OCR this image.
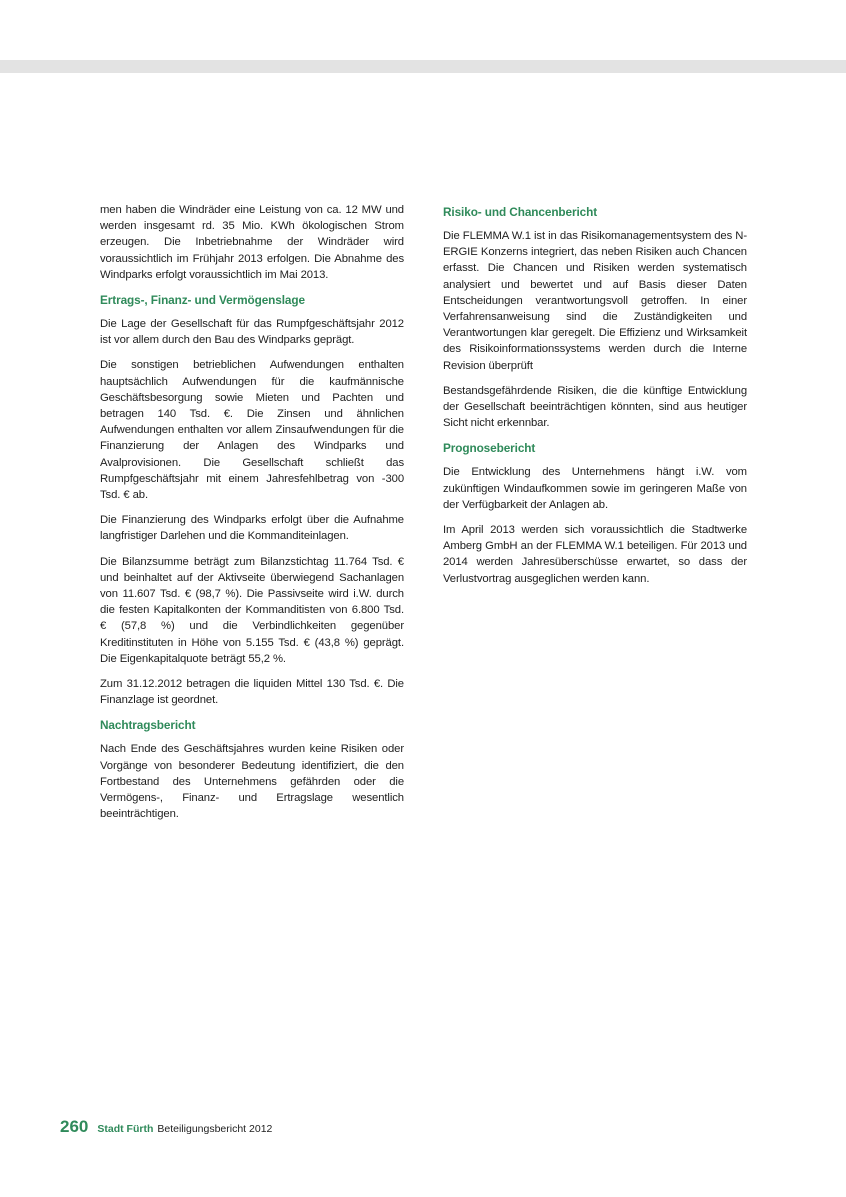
men haben die Windräder eine Leistung von ca. 12 MW und werden insgesamt rd. 35 Mio. KWh ökologischen Strom erzeugen. Die Inbetriebnahme der Windräder wird voraussichtlich im Frühjahr 2013 erfolgen. Die Abnahme des Windparks erfolgt voraussichtlich im Mai 2013.

Ertrags-, Finanz- und Vermögenslage

Die Lage der Gesellschaft für das Rumpfgeschäftsjahr 2012 ist vor allem durch den Bau des Windparks geprägt.

Die sonstigen betrieblichen Aufwendungen enthalten hauptsächlich Aufwendungen für die kaufmännische Geschäftsbesorgung sowie Mieten und Pachten und betragen 140 Tsd. €. Die Zinsen und ähnlichen Aufwendungen enthalten vor allem Zinsaufwendungen für die Finanzierung der Anlagen des Windparks und Avalprovisionen. Die Gesellschaft schließt das Rumpfgeschäftsjahr mit einem Jahresfehlbetrag von -300 Tsd. € ab.

Die Finanzierung des Windparks erfolgt über die Aufnahme langfristiger Darlehen und die Kommanditeinlagen.

Die Bilanzsumme beträgt zum Bilanzstichtag 11.764 Tsd. € und beinhaltet auf der Aktivseite überwiegend Sachanlagen von 11.607 Tsd. € (98,7 %). Die Passivseite wird i.W. durch die festen Kapitalkonten der Kommanditisten von 6.800 Tsd. € (57,8 %) und die Verbindlichkeiten gegenüber Kreditinstituten in Höhe von 5.155 Tsd. € (43,8 %) geprägt. Die Eigenkapitalquote beträgt 55,2 %.

Zum 31.12.2012 betragen die liquiden Mittel 130 Tsd. €. Die Finanzlage ist geordnet.

Nachtragsbericht

Nach Ende des Geschäftsjahres wurden keine Risiken oder Vorgänge von besonderer Bedeutung identifiziert, die den Fortbestand des Unternehmens gefährden oder die Vermögens-, Finanz- und Ertragslage wesentlich beeinträchtigen.

Risiko- und Chancenbericht

Die FLEMMA W.1 ist in das Risikomanagementsystem des N-ERGIE Konzerns integriert, das neben Risiken auch Chancen erfasst. Die Chancen und Risiken werden systematisch analysiert und bewertet und auf Basis dieser Daten Entscheidungen verantwortungsvoll getroffen. In einer Verfahrensanweisung sind die Zuständigkeiten und Verantwortungen klar geregelt. Die Effizienz und Wirksamkeit des Risikoinformationssystems werden durch die Interne Revision überprüft

Bestandsgefährdende Risiken, die die künftige Entwicklung der Gesellschaft beeinträchtigen könnten, sind aus heutiger Sicht nicht erkennbar.

Prognosebericht

Die Entwicklung des Unternehmens hängt i.W. vom zukünftigen Windaufkommen sowie im geringeren Maße von der Verfügbarkeit der Anlagen ab.

Im April 2013 werden sich voraussichtlich die Stadtwerke Amberg GmbH an der FLEMMA W.1 beteiligen. Für 2013 und 2014 werden Jahresüberschüsse erwartet, so dass der Verlustvortrag ausgeglichen werden kann.

260 Stadt Fürth Beteiligungsbericht 2012
